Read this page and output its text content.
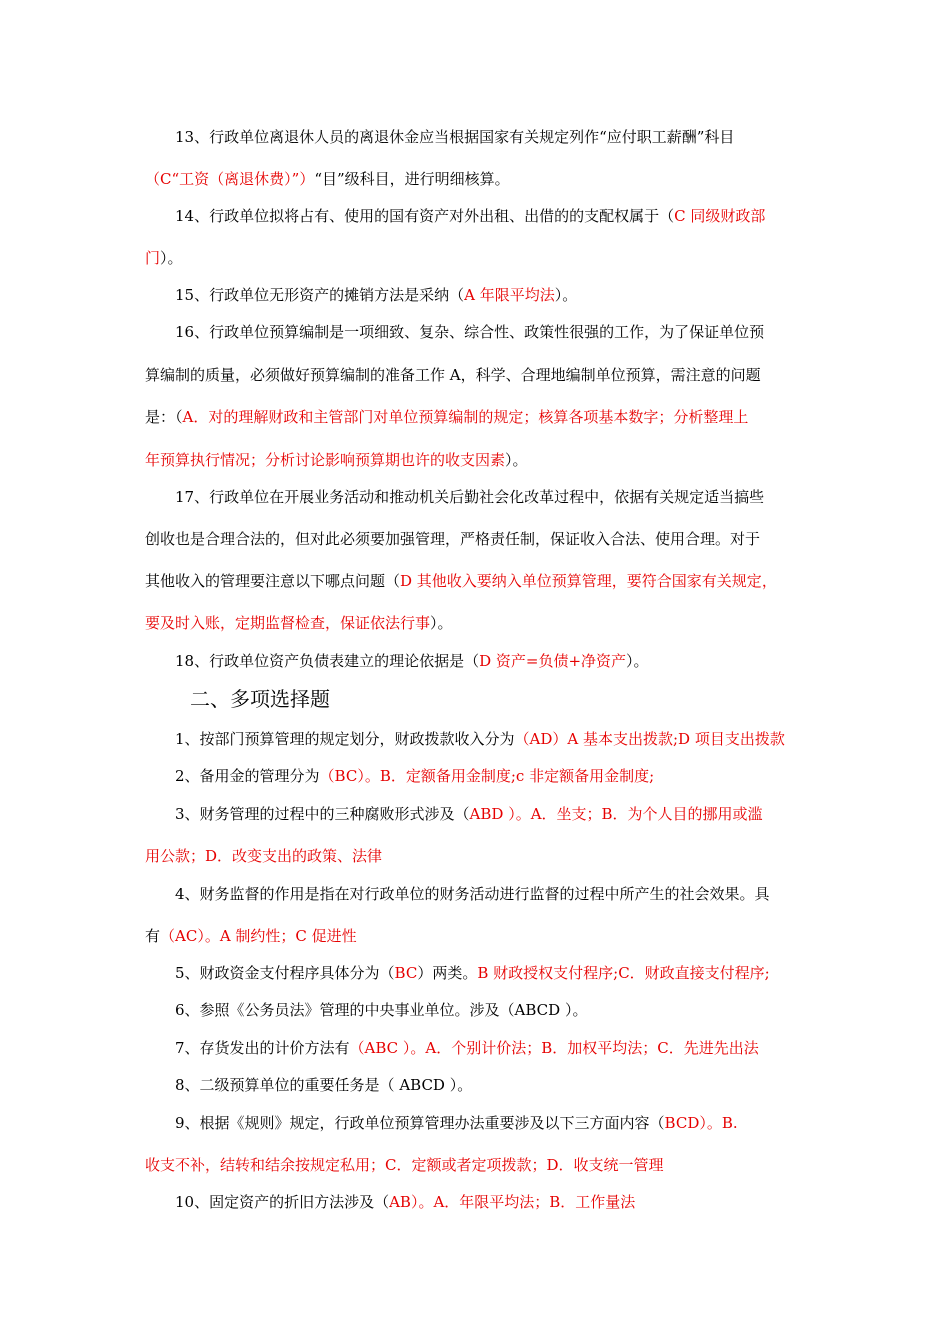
13、行政单位离退休人员的离退休金应当根据国家有关规定列作“应付职工薪酬”科目
（C“工资（离退休费）”）“目”级科目，进行明细核算。
14、行政单位拟将占有、使用的国有资产对外出租、出借的的支配权属于（C 同级财政部
门）。
15、行政单位无形资产的摊销方法是采纳（A 年限平均法）。
16、行政单位预算编制是一项细致、复杂、综合性、政策性很强的工作，为了保证单位预
算编制的质量，必须做好预算编制的准备工作 A，科学、合理地编制单位预算，需注意的问题
是：（A．对的理解财政和主管部门对单位预算编制的规定；核算各项基本数字；分析整理上
年预算执行情况；分析讨论影响预算期也许的收支因素）。
17、行政单位在开展业务活动和推动机关后勤社会化改革过程中，依据有关规定适当搞些
创收也是合理合法的，但对此必须要加强管理，严格责任制，保证收入合法、使用合理。对于
其他收入的管理要注意以下哪点问题（D 其他收入要纳入单位预算管理，要符合国家有关规定，
要及时入账，定期监督检查，保证依法行事）。
18、行政单位资产负债表建立的理论依据是（D 资产=负债+净资产）。
二、多项选择题
1、按部门预算管理的规定划分，财政拨款收入分为（AD）A 基本支出拨款;D 项目支出拨款
2、备用金的管理分为（BC）。B．定额备用金制度;c 非定额备用金制度;
3、财务管理的过程中的三种腐败形式涉及（ABD ）。A．坐支；B．为个人目的挪用或滥
用公款；D．改变支出的政策、法律
4、财务监督的作用是指在对行政单位的财务活动进行监督的过程中所产生的社会效果。具
有（AC）。A 制约性；C 促进性
5、财政资金支付程序具体分为（BC）两类。B 财政授权支付程序;C．财政直接支付程序;
6、参照《公务员法》管理的中央事业单位。涉及（ABCD ）。
7、存货发出的计价方法有（ABC ）。A．个别计价法；B．加权平均法；C．先进先出法
8、二级预算单位的重要任务是（ ABCD ）。
9、根据《规则》规定，行政单位预算管理办法重要涉及以下三方面内容（BCD）。B.
收支不补，结转和结余按规定私用；C．定额或者定项拨款；D．收支统一管理
10、固定资产的折旧方法涉及（AB）。A．年限平均法；B．工作量法
